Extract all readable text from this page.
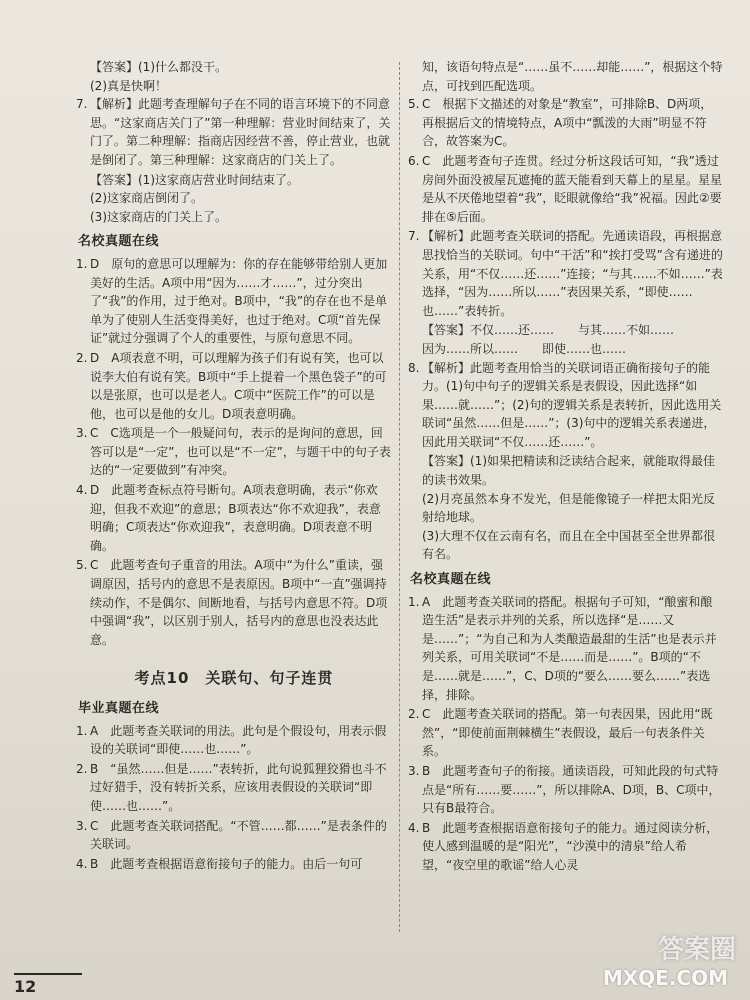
【答案】(1)什么都没干。
(2)真是快啊！
7. 【解析】此题考查理解句子在不同的语言环境下的不同意思。“这家商店关门了”第一种理解：营业时间结束了，关门了。第二种理解：指商店因经营不善，停止营业，也就是倒闭了。第三种理解：这家商店的门关上了。
【答案】(1)这家商店营业时间结束了。
(2)这家商店倒闭了。
(3)这家商店的门关上了。
名校真题在线
1. D　原句的意思可以理解为：你的存在能够带给别人更加美好的生活。A项中用“因为……才……”，过分突出了“我”的作用，过于绝对。B项中，“我”的存在也不是单单为了使别人生活变得美好，也过于绝对。C项“首先保证”就过分强调了个人的重要性，与原句意思不同。
2. D　A项表意不明，可以理解为孩子们有说有笑，也可以说李大伯有说有笑。B项中“手上提着一个黑色袋子”的可以是张原，也可以是老人。C项中“医院工作”的可以是他，也可以是他的女儿。D项表意明确。
3. C　C选项是一个一般疑问句，表示的是询问的意思，回答可以是“一定”，也可以是“不一定”，与题干中的句子表达的“一定要做到”有冲突。
4. D　此题考查标点符号断句。A项表意明确，表示“你欢迎，但我不欢迎”的意思；B项表达“你不欢迎我”，表意明确；C项表达“你欢迎我”，表意明确。D项表意不明确。
5. C　此题考查句子重音的用法。A项中“为什么”重读，强调原因，括号内的意思不是表原因。B项中“一直”强调持续动作，不是偶尔、间断地看，与括号内意思不符。D项中强调“我”，以区别于别人，括号内的意思也没表达此意。
考点10　关联句、句子连贯
毕业真题在线
1. A　此题考查关联词的用法。此句是个假设句，用表示假设的关联词“即使……也……”。
2. B　“虽然……但是……”表转折，此句说狐狸狡猾也斗不过好猎手，没有转折关系，应该用表假设的关联词“即使……也……”。
3. C　此题考查关联词搭配。“不管……都……”是表条件的关联词。
4. B　此题考查根据语意衔接句子的能力。由后一句可
知，该语句特点是“……虽不……却能……”，根据这个特点，可找到匹配选项。
5. C　根据下文描述的对象是“教室”，可排除B、D两项，再根据后文的情境特点，A项中“瓢泼的大雨”明显不符合，故答案为C。
6. C　此题考查句子连贯。经过分析这段话可知，“我”透过房间外面没被屋瓦遮掩的蓝天能看到天幕上的星星。星星是从不厌倦地望着“我”，眨眼就像给“我”祝福。因此②要排在⑤后面。
7. 【解析】此题考查关联词的搭配。先通读语段，再根据意思找恰当的关联词。句中“干活”和“挨打受骂”含有递进的关系，用“不仅……还……”连接；“与其……不如……”表选择，“因为……所以……”表因果关系，“即使……也……”表转折。
【答案】不仅……还……　　与其……不如……
因为……所以……　　即使……也……
8. 【解析】此题考查用恰当的关联词语正确衔接句子的能力。(1)句中句子的逻辑关系是表假设，因此选择“如果……就……”；(2)句的逻辑关系是表转折，因此选用关联词“虽然……但是……”；(3)句中的逻辑关系表递进，因此用关联词“不仅……还……”。
【答案】(1)如果把精读和泛读结合起来，就能取得最佳的读书效果。
(2)月亮虽然本身不发光，但是能像镜子一样把太阳光反射给地球。
(3)大理不仅在云南有名，而且在全中国甚至全世界都很有名。
名校真题在线
1. A　此题考查关联词的搭配。根据句子可知，“酿蜜和酿造生活”是表示并列的关系，所以选择“是……又是……”；“为自己和为人类酿造最甜的生活”也是表示并列关系，可用关联词“不是……而是……”。B项的“不是……就是……”，C、D项的“要么……要么……”表选择，排除。
2. C　此题考查关联词的搭配。第一句表因果，因此用“既然”，“即使前面荆棘横生”表假设，最后一句表条件关系。
3. B　此题考查句子的衔接。通读语段，可知此段的句式特点是“所有……要……”，所以排除A、D项，B、C项中，只有B最符合。
4. B　此题考查根据语意衔接句子的能力。通过阅读分析，使人感到温暖的是“阳光”，“沙漠中的清泉”给人希望，“夜空里的歌谣”给人心灵
12
答案圈
MXQE.COM
